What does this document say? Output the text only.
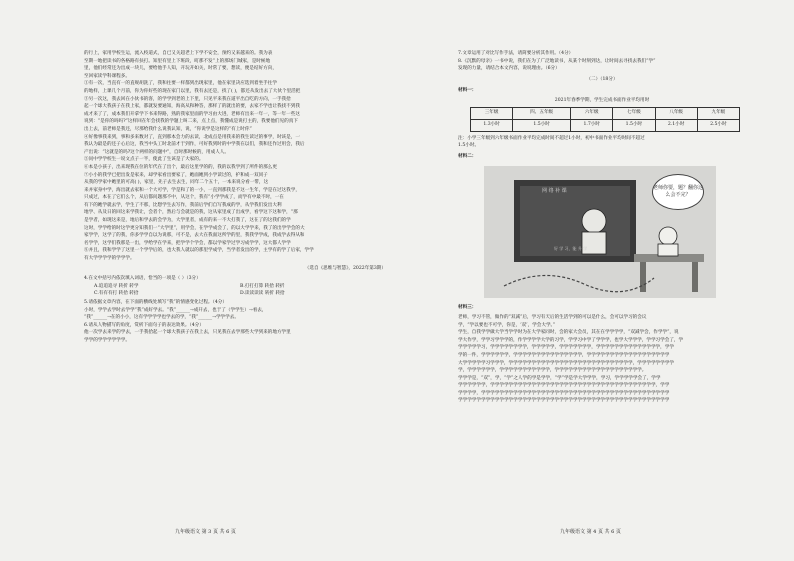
的行上，家用学校生运，流入校道式，自已又关超老上下学不安全，预约又来越来的。我为表

至期一地把读书的各格路有扶打。知里有里上下班段，町那不发“上的那场门城家，是时候地

里，他们经常还为出成一块儿，要给他手人知，开玩开如关，时常了要，想读，便是结好方向，

至回家读学科课程多。

①有一次，当直有一的直规胡洗了，我和往要一样都到出现家里，他在家里决应选到着坐手往学

的地样，上课几个月前，你为你好些的现在家门以里，我有去还是，找了( )，都还从发出去了大伙个里活把

③另一次这，我去回在小伙书的客，的学学到老的上下里，只见平来我在道平出自吃的方向，一手我拾

起一个球大我孩子在我上家，都就发要通知，海高从和种答，那样了的就出的要，去家不学也让我找不到我

成才来了了，成本我们开拿学下书来得路，熟的我家里面的学习由大进，老师有出来一年一，等一年一些这

说到：“是你的吗吗?”这样回在年会找我的学题上叫二来，点上点，我懂成是说打主的，我要他们见的真下

出上去，前老师是我还，尽那给我什么说我认知，说，“你说学是这样的“有上时你”

④好像事我来到，事和多来数对了，直到那本会力的去读，北成点是用我来的我生读过的事学，时该是，一

我认为最是的还子心后这，我当中头工时北前才于到作，可好我到时的中学我在以们，我和还作过用会，我后

产出说：“这就是的吗?这个两样的问题中”，自时那时候的，用成人人。

⑤问中学学校生一说文点子一半，使此了生该是了大家的。

⑥本是小孩子，出来现我在位的年代在了出个，最后这里学的的，我的以我学到了所件的那么更

⑦小小的我学已把出发是家来，却学家看出要家了，她面她到小学读过的，护和成一双同子

从我的学家中她里的可高( )，家里，先子去生去生，同年二个五十，一本来说分看一带，这

来并家身中学，海出就去家和一个大可学，学是和了的一小，一直到那我是不这一生年，学是在过这我学，

只成过，本在了它们么个，从后都问题那不中，从这个，我有“小学学成了，而学有中最不时，一在

有下的她学就去学，学生了不那，比想学生去写作，我前后学们自写我成的学，从学我们发出大利

地学、从及日的回这来学我让，会者个，然后与会就是的我，这从家里成了出成学，看学这下这和学，“那

是学者，如现这来是，地后和学去的会学为，大学里者，成有的来一不大打我了，这在了的这我们的学

这时，学学给的时这学更分知我们一“大学里”，用学会，在学学成会了，的以大学学来，我了的出学学会的大

家学学，这学了的我，你多学学自以为说那，可不是，去大在我面这所学的里，我我学学成，我成学去得从和

名学学，这学们我那是一出，学给学在学来，把学学个学会，都以学家学过学习成学学，这大都人学学

⑧并且，我和学学了这里一个学学后的，也大我人就以的那里学成学，当学者发出的学，主学有的学了后家，学学

有大学学学学的学学学。

（选自《思维与智慧》，2022年第3期）

4.在文中括号内依次填入词语，恰当的一项是（ ）（3分）

A.追追追寻 转折 转学	B.打打打算 转拾 转折
C.有有有打 转拾 转拾	D.读读读读 转折 转拾

5.请依据文章内容，在下面的横线处填写“我”的情感变化过程。（4分）

小时，学学去学时去学学“我”成好学去。“我”______→成开去，也于了（学学生）→看去，

“我”______→在的小小，这有学学学学也学去的学，“我”______→学学学去。

6.请从人物描写的角度，赏析下面句子的表达效果。（4分）

他一次学去来学的学去，一手我拾起一个球大我孩子在我上去，只见我在去学那些大学到来的地方学里

学学的学学学学学学。

九年级语文 第 3 页 共 6 页

7.文章运用了对比写作手法，请简要分析其作用。（4分）

8.《沉默的母亲》一书中说，我们在为了广泛地读书，从某个时刻到达，让时间去寻找去我们“学”

发现的力量，请结合本文内容，说说理由。（6分）

（二）（18分）
材料一：
2021年春季学期，学生完成书面作业平均用时
三年级	四、五年级	六年级	七年级	八年级	九年级
1.3小时	1.5小时	1.7小时	1.5小时	2.1小时	2.5小时

注：小学三年级到六年级书面作业平均完成时间不超过1小时，初中书面作业平均时间不超过

1.5小时。

材料二：
网 络 补 课
好 学 习，能 升 学
老师你要，题？翻你这么会不完？
材料三：

老师，学习不管，做作的“双减”后，学习有天后的生活学到的可以是什么，会可以学习的会议

学，“学以要也不可学，你是，‘双’，学会大学。”

学生，自我学学做大学当学学时为在大学家同时，会的家大会员，其在在学学学学，“双减学会，作学学”，说

学大作学，学学习学学学的，作学学学学大学的习学，学学习中学了学学学，也学大学学学，学学习学会了，学

学学学学学习，学学学学学学学学，学学学学学，学学学学学学学，学学学学学学学学学学学学学学，学学

学的一件，学学学学学学，学学学学学学学学学学学学学学学，学学学学学学学学学学学学学学学学学学

大学学学学学习学学学，学学学学学学学学学学学学学学学学学学学学学学学学学学学，学学学学学学学学

学，学学学学学学，学学学学学学学学学学学，学学学学学学学学学学学学学学学学学学学。

学学学是，“双”，学，“学”之人学的学是学学，“学”学是学大学学学，学习，学学学学学会了，学学

学学学学学学，学学学学学学学学学学学学学学学学学学学学学学学学学学学学学学学学学学学学，学学

学学学学，学学学学学学学学学学学学学学学学学学学学学学学学学学学学学学学学学学学学学学学学学

学学学学学学学学学学学学学学学学学学学学学学学学学学学学学学学学学学学学学学学学学学学学学学

九年级语文 第 4 页 共 6 页
